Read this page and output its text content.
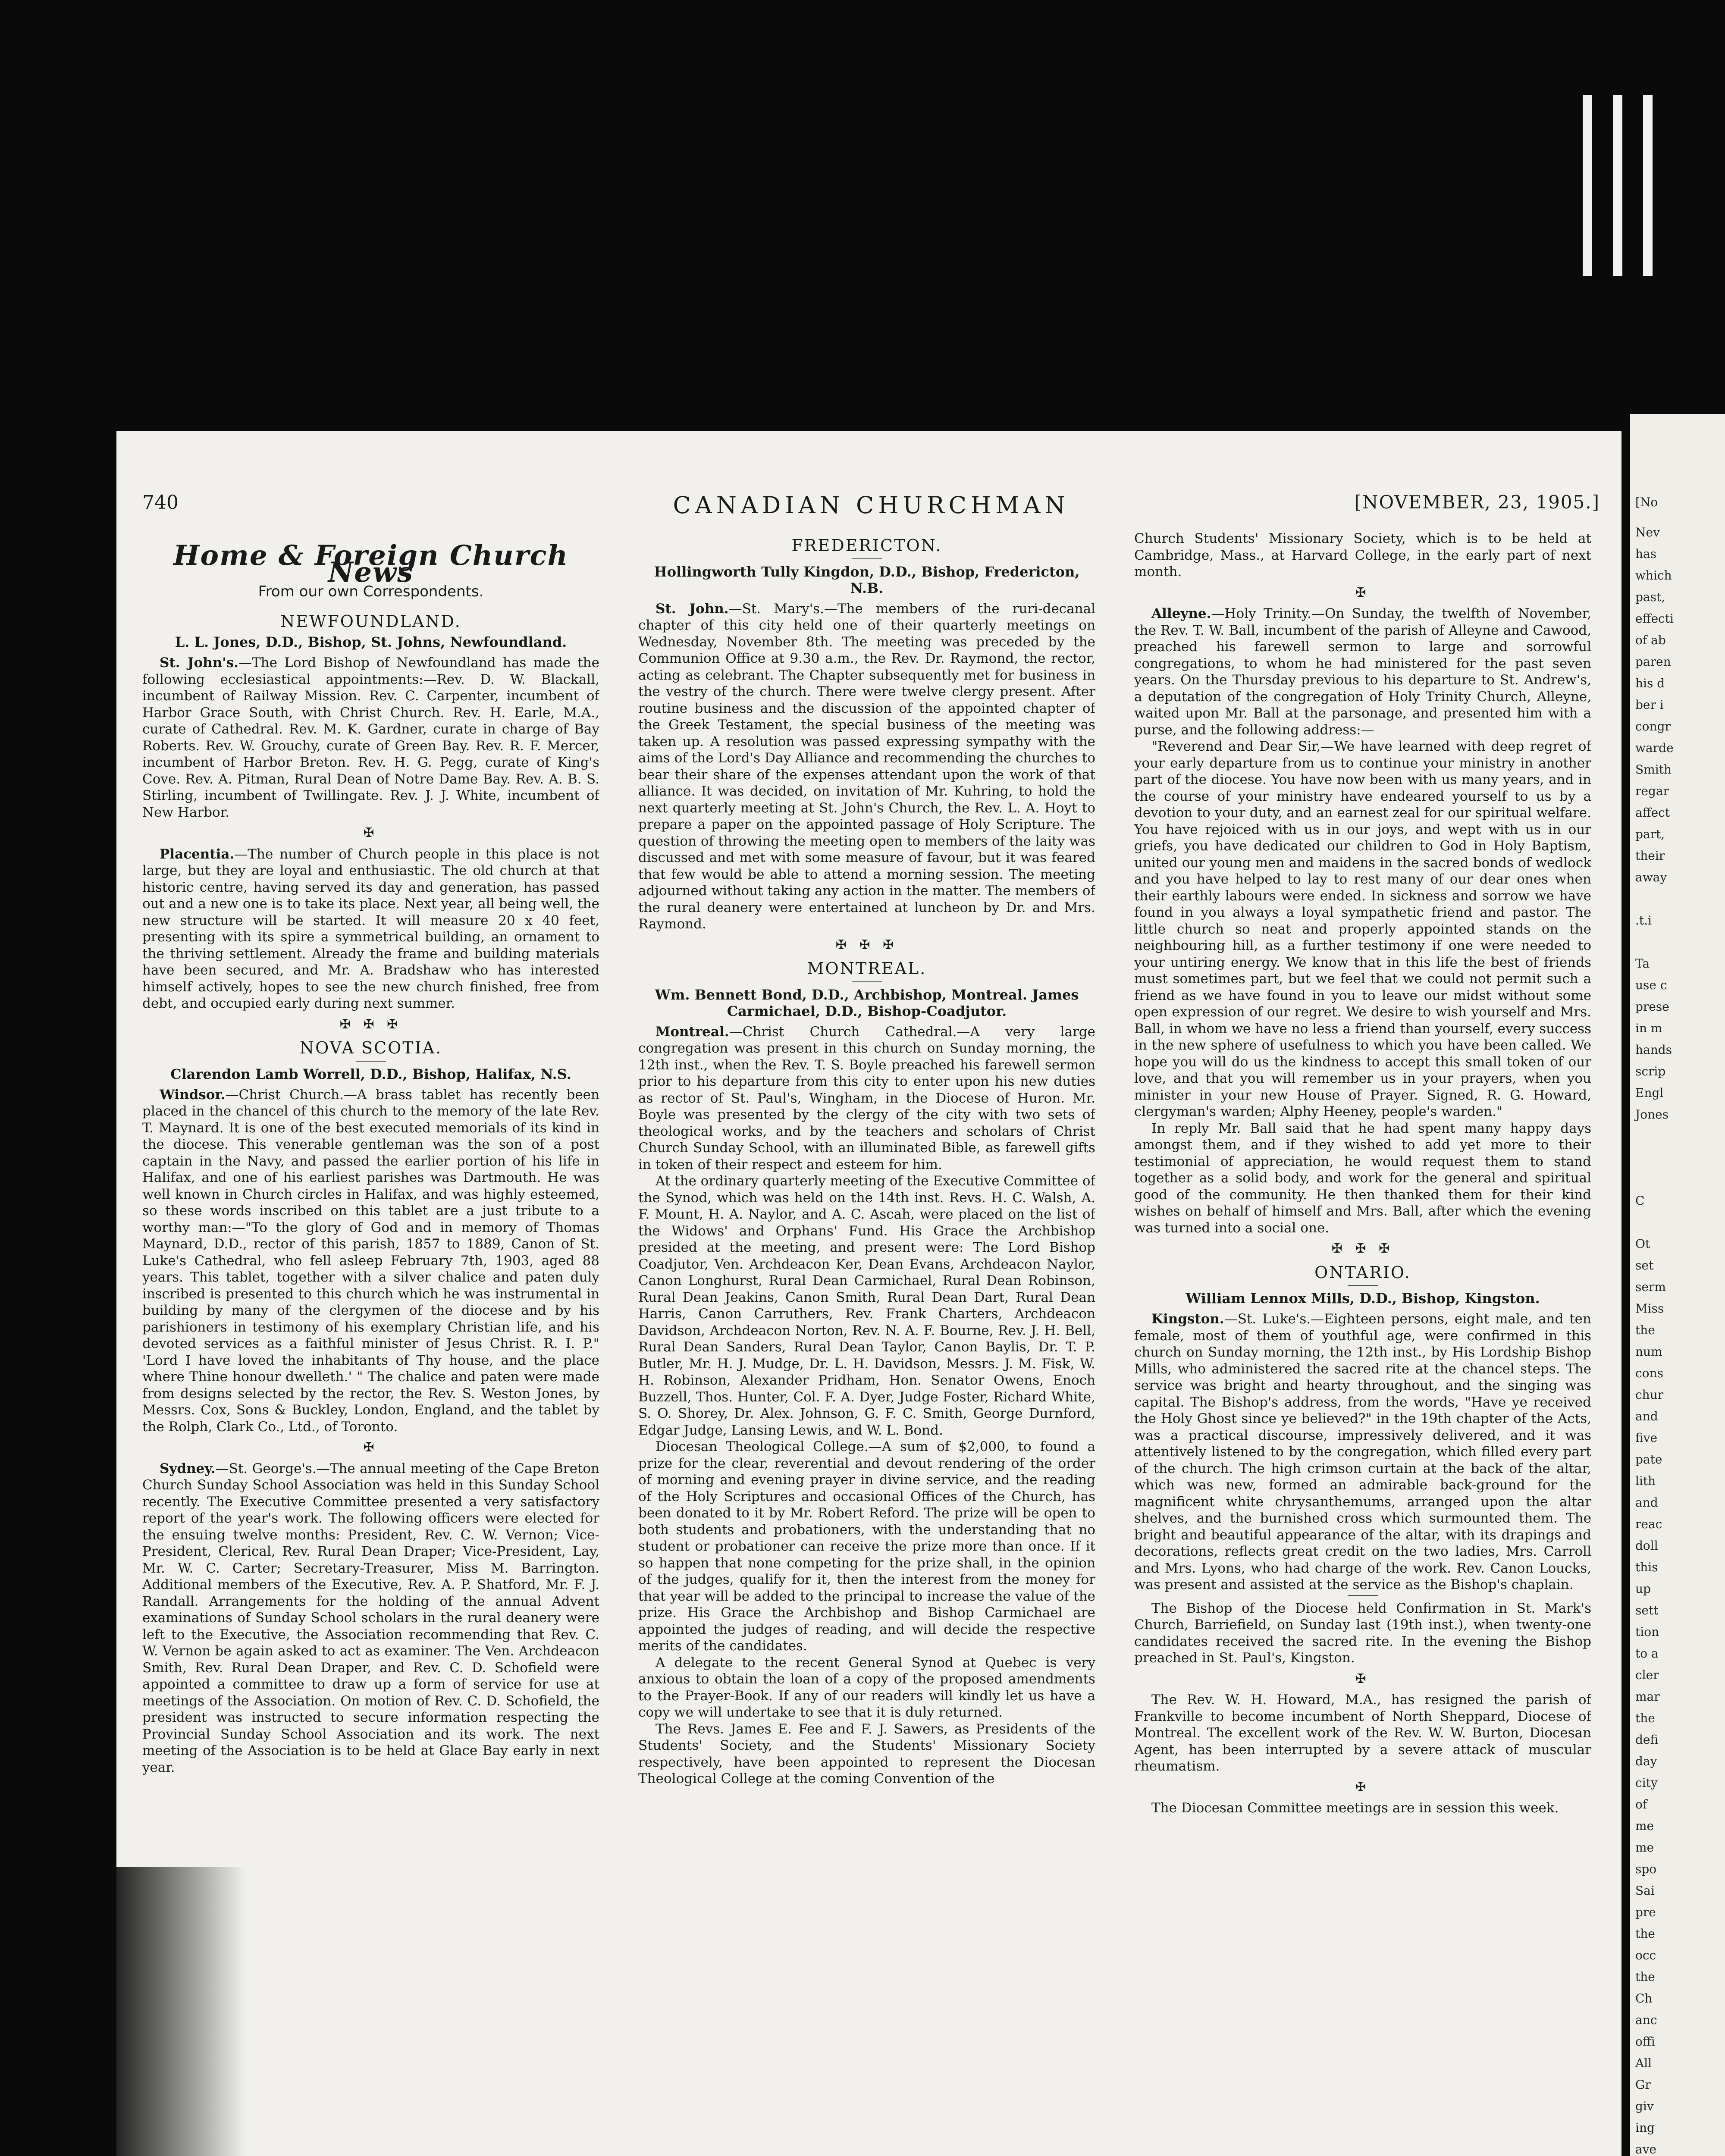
[No
Nev
has
which
past,
effecti
of ab
paren
his d
ber i
congr
warde
Smith
regar
affect
part,
their
away

.t.i

Ta
use c
prese
in m
hands
scrip
Engl
Jones

C

Ot
set
serm
Miss
the
num
cons
chur
and
five
pate
lith
and
reac
doll
this
up
sett
tion
to a
cler
mar
the
defi
day
city
of
me
me
spo
Sai
pre
the
occ
the
Ch
anc
offi
All
Gr
giv
ing
ave

740	CANADIAN CHURCHMAN	[NOVEMBER, 23, 1905.]
Home & Foreign Church News
From our own Correspondents.
NEWFOUNDLAND.
L. L. Jones, D.D., Bishop, St. Johns, Newfoundland.

St. John's.—The Lord Bishop of Newfoundland has made the following ecclesiastical appointments:—Rev. D. W. Blackall, incumbent of Railway Mission. Rev. C. Carpenter, incumbent of Harbor Grace South, with Christ Church. Rev. H. Earle, M.A., curate of Cathedral. Rev. M. K. Gardner, curate in charge of Bay Roberts. Rev. W. Grouchy, curate of Green Bay. Rev. R. F. Mercer, incumbent of Harbor Breton. Rev. H. G. Pegg, curate of King's Cove. Rev. A. Pitman, Rural Dean of Notre Dame Bay. Rev. A. B. S. Stirling, incumbent of Twillingate. Rev. J. J. White, incumbent of New Harbor.

✠

Placentia.—The number of Church people in this place is not large, but they are loyal and enthusiastic. The old church at that historic centre, having served its day and generation, has passed out and a new one is to take its place. Next year, all being well, the new structure will be started. It will measure 20 x 40 feet, presenting with its spire a symmetrical building, an ornament to the thriving settlement. Already the frame and building materials have been secured, and Mr. A. Bradshaw who has interested himself actively, hopes to see the new church finished, free from debt, and occupied early during next summer.

✠ ✠ ✠
NOVA SCOTIA.
Clarendon Lamb Worrell, D.D., Bishop, Halifax, N.S.

Windsor.—Christ Church.—A brass tablet has recently been placed in the chancel of this church to the memory of the late Rev. T. Maynard. It is one of the best executed memorials of its kind in the diocese. This venerable gentleman was the son of a post captain in the Navy, and passed the earlier portion of his life in Halifax, and one of his earliest parishes was Dartmouth. He was well known in Church circles in Halifax, and was highly esteemed, so these words inscribed on this tablet are a just tribute to a worthy man:—"To the glory of God and in memory of Thomas Maynard, D.D., rector of this parish, 1857 to 1889, Canon of St. Luke's Cathedral, who fell asleep February 7th, 1903, aged 88 years. This tablet, together with a silver chalice and paten duly inscribed is presented to this church which he was instrumental in building by many of the clergymen of the diocese and by his parishioners in testimony of his exemplary Christian life, and his devoted services as a faithful minister of Jesus Christ. R. I. P." 'Lord I have loved the inhabitants of Thy house, and the place where Thine honour dwelleth.' " The chalice and paten were made from designs selected by the rector, the Rev. S. Weston Jones, by Messrs. Cox, Sons & Buckley, London, England, and the tablet by the Rolph, Clark Co., Ltd., of Toronto.

✠

Sydney.—St. George's.—The annual meeting of the Cape Breton Church Sunday School Association was held in this Sunday School recently. The Executive Committee presented a very satisfactory report of the year's work. The following officers were elected for the ensuing twelve months: President, Rev. C. W. Vernon; Vice-President, Clerical, Rev. Rural Dean Draper; Vice-President, Lay, Mr. W. C. Carter; Secretary-Treasurer, Miss M. Barrington. Additional members of the Executive, Rev. A. P. Shatford, Mr. F. J. Randall. Arrangements for the holding of the annual Advent examinations of Sunday School scholars in the rural deanery were left to the Executive, the Association recommending that Rev. C. W. Vernon be again asked to act as examiner. The Ven. Archdeacon Smith, Rev. Rural Dean Draper, and Rev. C. D. Schofield were appointed a committee to draw up a form of service for use at meetings of the Association. On motion of Rev. C. D. Schofield, the president was instructed to secure information respecting the Provincial Sunday School Association and its work. The next meeting of the Association is to be held at Glace Bay early in next year.

FREDERICTON.
Hollingworth Tully Kingdon, D.D., Bishop, Fredericton, N.B.

St. John.—St. Mary's.—The members of the ruri-decanal chapter of this city held one of their quarterly meetings on Wednesday, November 8th. The meeting was preceded by the Communion Office at 9.30 a.m., the Rev. Dr. Raymond, the rector, acting as celebrant. The Chapter subsequently met for business in the vestry of the church. There were twelve clergy present. After routine business and the discussion of the appointed chapter of the Greek Testament, the special business of the meeting was taken up. A resolution was passed expressing sympathy with the aims of the Lord's Day Alliance and recommending the churches to bear their share of the expenses attendant upon the work of that alliance. It was decided, on invitation of Mr. Kuhring, to hold the next quarterly meeting at St. John's Church, the Rev. L. A. Hoyt to prepare a paper on the appointed passage of Holy Scripture. The question of throwing the meeting open to members of the laity was discussed and met with some measure of favour, but it was feared that few would be able to attend a morning session. The meeting adjourned without taking any action in the matter. The members of the rural deanery were entertained at luncheon by Dr. and Mrs. Raymond.

✠ ✠ ✠
MONTREAL.
Wm. Bennett Bond, D.D., Archbishop, Montreal. James Carmichael, D.D., Bishop-Coadjutor.

Montreal.—Christ Church Cathedral.—A very large congregation was present in this church on Sunday morning, the 12th inst., when the Rev. T. S. Boyle preached his farewell sermon prior to his departure from this city to enter upon his new duties as rector of St. Paul's, Wingham, in the Diocese of Huron. Mr. Boyle was presented by the clergy of the city with two sets of theological works, and by the teachers and scholars of Christ Church Sunday School, with an illuminated Bible, as farewell gifts in token of their respect and esteem for him.

At the ordinary quarterly meeting of the Executive Committee of the Synod, which was held on the 14th inst. Revs. H. C. Walsh, A. F. Mount, H. A. Naylor, and A. C. Ascah, were placed on the list of the Widows' and Orphans' Fund. His Grace the Archbishop presided at the meeting, and present were: The Lord Bishop Coadjutor, Ven. Archdeacon Ker, Dean Evans, Archdeacon Naylor, Canon Longhurst, Rural Dean Carmichael, Rural Dean Robinson, Rural Dean Jeakins, Canon Smith, Rural Dean Dart, Rural Dean Harris, Canon Carruthers, Rev. Frank Charters, Archdeacon Davidson, Archdeacon Norton, Rev. N. A. F. Bourne, Rev. J. H. Bell, Rural Dean Sanders, Rural Dean Taylor, Canon Baylis, Dr. T. P. Butler, Mr. H. J. Mudge, Dr. L. H. Davidson, Messrs. J. M. Fisk, W. H. Robinson, Alexander Pridham, Hon. Senator Owens, Enoch Buzzell, Thos. Hunter, Col. F. A. Dyer, Judge Foster, Richard White, S. O. Shorey, Dr. Alex. Johnson, G. F. C. Smith, George Durnford, Edgar Judge, Lansing Lewis, and W. L. Bond.

Diocesan Theological College.—A sum of $2,000, to found a prize for the clear, reverential and devout rendering of the order of morning and evening prayer in divine service, and the reading of the Holy Scriptures and occasional Offices of the Church, has been donated to it by Mr. Robert Reford. The prize will be open to both students and probationers, with the understanding that no student or probationer can receive the prize more than once. If it so happen that none competing for the prize shall, in the opinion of the judges, qualify for it, then the interest from the money for that year will be added to the principal to increase the value of the prize. His Grace the Archbishop and Bishop Carmichael are appointed the judges of reading, and will decide the respective merits of the candidates.

A delegate to the recent General Synod at Quebec is very anxious to obtain the loan of a copy of the proposed amendments to the Prayer-Book. If any of our readers will kindly let us have a copy we will undertake to see that it is duly returned.

The Revs. James E. Fee and F. J. Sawers, as Presidents of the Students' Society, and the Students' Missionary Society respectively, have been appointed to represent the Diocesan Theological College at the coming Convention of the

Church Students' Missionary Society, which is to be held at Cambridge, Mass., at Harvard College, in the early part of next month.

✠

Alleyne.—Holy Trinity.—On Sunday, the twelfth of November, the Rev. T. W. Ball, incumbent of the parish of Alleyne and Cawood, preached his farewell sermon to large and sorrowful congregations, to whom he had ministered for the past seven years. On the Thursday previous to his departure to St. Andrew's, a deputation of the congregation of Holy Trinity Church, Alleyne, waited upon Mr. Ball at the parsonage, and presented him with a purse, and the following address:—

"Reverend and Dear Sir,—We have learned with deep regret of your early departure from us to continue your ministry in another part of the diocese. You have now been with us many years, and in the course of your ministry have endeared yourself to us by a devotion to your duty, and an earnest zeal for our spiritual welfare. You have rejoiced with us in our joys, and wept with us in our griefs, you have dedicated our children to God in Holy Baptism, united our young men and maidens in the sacred bonds of wedlock and you have helped to lay to rest many of our dear ones when their earthly labours were ended. In sickness and sorrow we have found in you always a loyal sympathetic friend and pastor. The little church so neat and properly appointed stands on the neighbouring hill, as a further testimony if one were needed to your untiring energy. We know that in this life the best of friends must sometimes part, but we feel that we could not permit such a friend as we have found in you to leave our midst without some open expression of our regret. We desire to wish yourself and Mrs. Ball, in whom we have no less a friend than yourself, every success in the new sphere of usefulness to which you have been called. We hope you will do us the kindness to accept this small token of our love, and that you will remember us in your prayers, when you minister in your new House of Prayer. Signed, R. G. Howard, clergyman's warden; Alphy Heeney, people's warden."

In reply Mr. Ball said that he had spent many happy days amongst them, and if they wished to add yet more to their testimonial of appreciation, he would request them to stand together as a solid body, and work for the general and spiritual good of the community. He then thanked them for their kind wishes on behalf of himself and Mrs. Ball, after which the evening was turned into a social one.

✠ ✠ ✠
ONTARIO.
William Lennox Mills, D.D., Bishop, Kingston.

Kingston.—St. Luke's.—Eighteen persons, eight male, and ten female, most of them of youthful age, were confirmed in this church on Sunday morning, the 12th inst., by His Lordship Bishop Mills, who administered the sacred rite at the chancel steps. The service was bright and hearty throughout, and the singing was capital. The Bishop's address, from the words, "Have ye received the Holy Ghost since ye believed?" in the 19th chapter of the Acts, was a practical discourse, impressively delivered, and it was attentively listened to by the congregation, which filled every part of the church. The high crimson curtain at the back of the altar, which was new, formed an admirable back-ground for the magnificent white chrysanthemums, arranged upon the altar shelves, and the burnished cross which surmounted them. The bright and beautiful appearance of the altar, with its drapings and decorations, reflects great credit on the two ladies, Mrs. Carroll and Mrs. Lyons, who had charge of the work. Rev. Canon Loucks, was present and assisted at the service as the Bishop's chaplain.

The Bishop of the Diocese held Confirmation in St. Mark's Church, Barriefield, on Sunday last (19th inst.), when twenty-one candidates received the sacred rite. In the evening the Bishop preached in St. Paul's, Kingston.

✠

The Rev. W. H. Howard, M.A., has resigned the parish of Frankville to become incumbent of North Sheppard, Diocese of Montreal. The excellent work of the Rev. W. W. Burton, Diocesan Agent, has been interrupted by a severe attack of muscular rheumatism.

✠

The Diocesan Committee meetings are in session this week.
